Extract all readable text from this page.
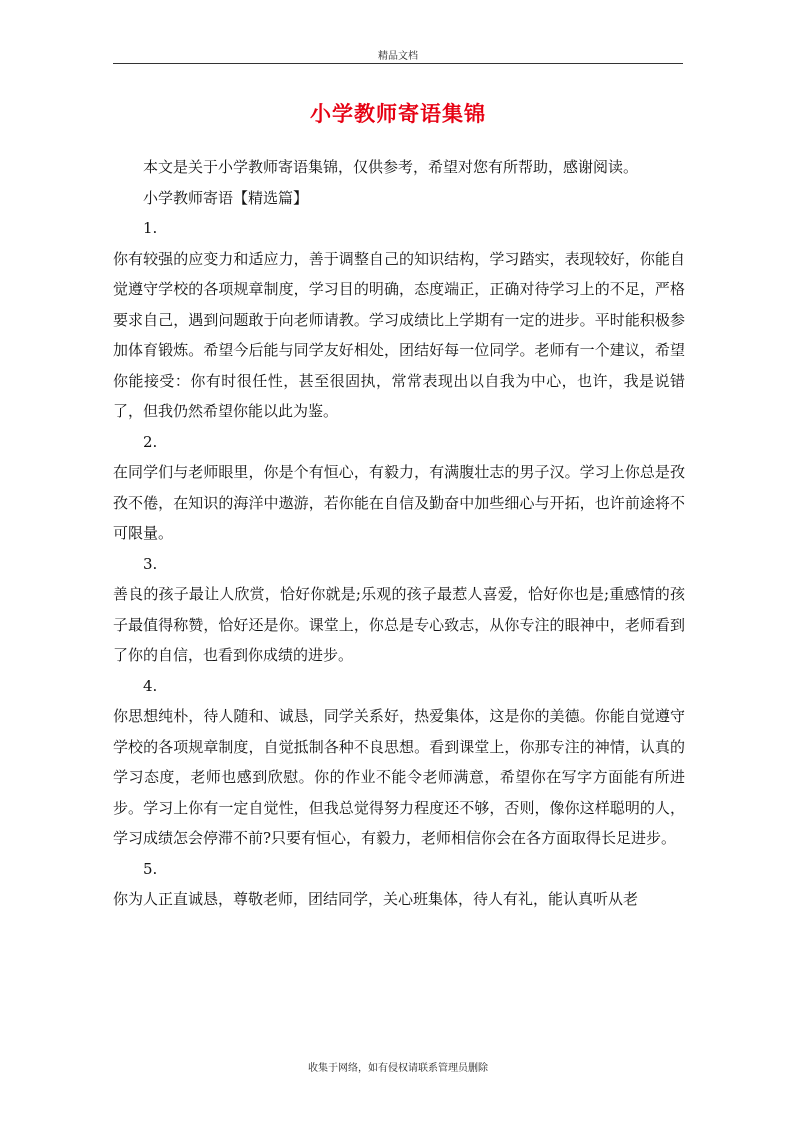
精品文档
小学教师寄语集锦

本文是关于小学教师寄语集锦，仅供参考，希望对您有所帮助，感谢阅读。

小学教师寄语【精选篇】

1.

你有较强的应变力和适应力，善于调整自己的知识结构，学习踏实，表现较好，你能自觉遵守学校的各项规章制度，学习目的明确，态度端正，正确对待学习上的不足，严格要求自己，遇到问题敢于向老师请教。学习成绩比上学期有一定的进步。平时能积极参加体育锻炼。希望今后能与同学友好相处，团结好每一位同学。老师有一个建议，希望你能接受：你有时很任性，甚至很固执，常常表现出以自我为中心，也许，我是说错了，但我仍然希望你能以此为鉴。

2.

在同学们与老师眼里，你是个有恒心，有毅力，有满腹壮志的男子汉。学习上你总是孜孜不倦，在知识的海洋中遨游，若你能在自信及勤奋中加些细心与开拓，也许前途将不可限量。

3.

善良的孩子最让人欣赏，恰好你就是;乐观的孩子最惹人喜爱，恰好你也是;重感情的孩子最值得称赞，恰好还是你。课堂上，你总是专心致志，从你专注的眼神中，老师看到了你的自信，也看到你成绩的进步。

4.

你思想纯朴，待人随和、诚恳，同学关系好，热爱集体，这是你的美德。你能自觉遵守学校的各项规章制度，自觉抵制各种不良思想。看到课堂上，你那专注的神情，认真的学习态度，老师也感到欣慰。你的作业不能令老师满意，希望你在写字方面能有所进步。学习上你有一定自觉性，但我总觉得努力程度还不够，否则，像你这样聪明的人，学习成绩怎会停滞不前?只要有恒心，有毅力，老师相信你会在各方面取得长足进步。

5.

你为人正直诚恳，尊敬老师，团结同学，关心班集体，待人有礼，能认真听从老

收集于网络，如有侵权请联系管理员删除
